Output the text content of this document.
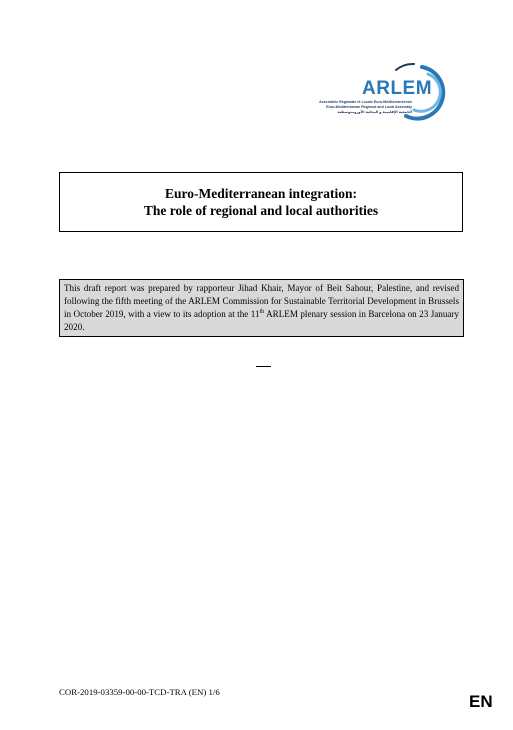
ARLEM
Assemblée Régionale et Locale Euro-Méditerranéenne
Euro-Mediterranean Regional and Local Assembly
الجمعية الإقليمية و المحلية الأورومتوسطية
Euro-Mediterranean integration:
The role of regional and local authorities
This draft report was prepared by rapporteur Jihad Khair, Mayor of Beit Sahour, Palestine, and revised following the fifth meeting of the ARLEM Commission for Sustainable Territorial Development in Brussels in October 2019, with a view to its adoption at the 11th ARLEM plenary session in Barcelona on 23 January 2020.
COR-2019-03359-00-00-TCD-TRA (EN) 1/6	EN
